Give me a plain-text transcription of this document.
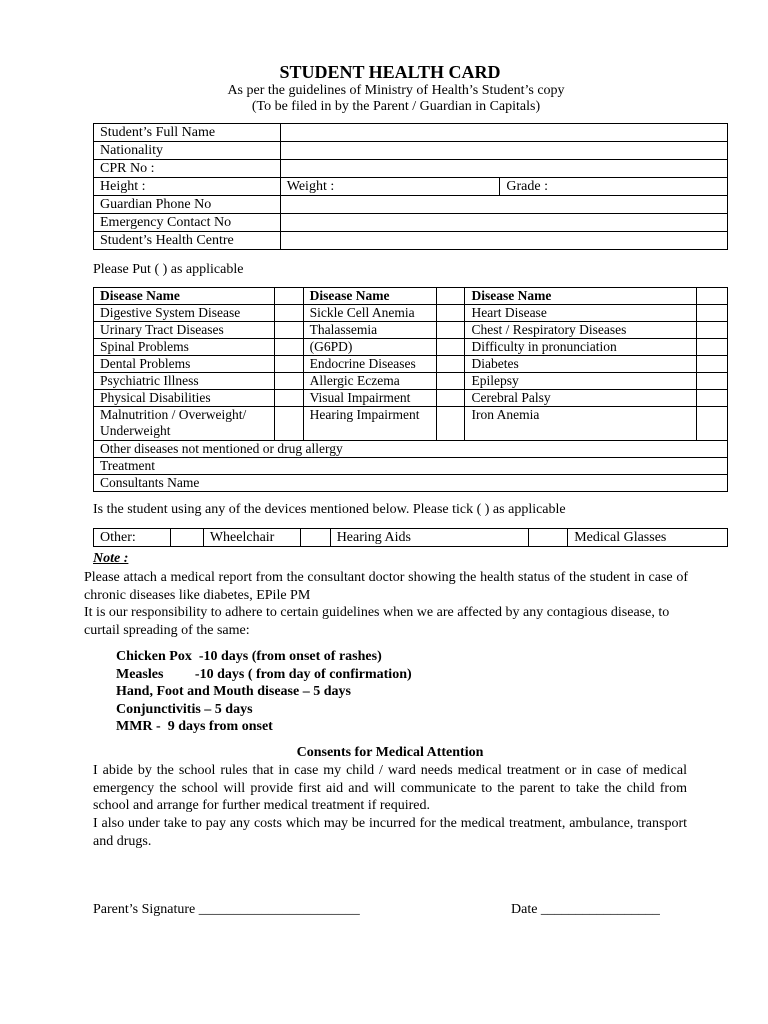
STUDENT HEALTH CARD
As per the guidelines of Ministry of Health’s Student’s copy
(To be filed in by the Parent / Guardian in Capitals)
Student’s Full Name		
Nationality		
CPR No :		
Height :	Weight :	Grade :
Guardian Phone No		
Emergency Contact No		
Student’s Health Centre		
Please Put ( ) as applicable
Disease Name		Disease Name		Disease Name	
Digestive System Disease		Sickle Cell Anemia		Heart Disease	
Urinary Tract Diseases		Thalassemia		Chest / Respiratory Diseases	
Spinal Problems		(G6PD)		Difficulty in pronunciation	
Dental Problems		Endocrine Diseases		Diabetes	
Psychiatric Illness		Allergic Eczema		Epilepsy	
Physical Disabilities		Visual Impairment		Cerebral Palsy	
Malnutrition / Overweight/ Underweight		Hearing Impairment		Iron Anemia	
Other diseases not mentioned or drug allergy					
Treatment					
Consultants Name					
Is the student using any of the devices mentioned below. Please tick ( ) as applicable
Other:		Wheelchair		Hearing Aids		Medical Glasses
Note :
Please attach a medical report from the consultant doctor showing the health status of the student in case of chronic diseases like diabetes, EPile PM
It is our responsibility to adhere to certain guidelines when we are affected by any contagious disease, to curtail spreading of the same:
Chicken Pox  -10 days (from onset of rashes)
Measles         -10 days ( from day of confirmation)
Hand, Foot and Mouth disease – 5 days
Conjunctivitis – 5 days
MMR -  9 days from onset
Consents for Medical Attention
I abide by the school rules that in case my child / ward needs medical treatment or in case of medical emergency the school will provide first aid and will communicate to the parent to take the child from school and arrange for further medical treatment if required.
I also under take to pay any costs which may be incurred for the medical treatment, ambulance, transport and drugs.
Parent’s Signature _______________________	Date _________________
